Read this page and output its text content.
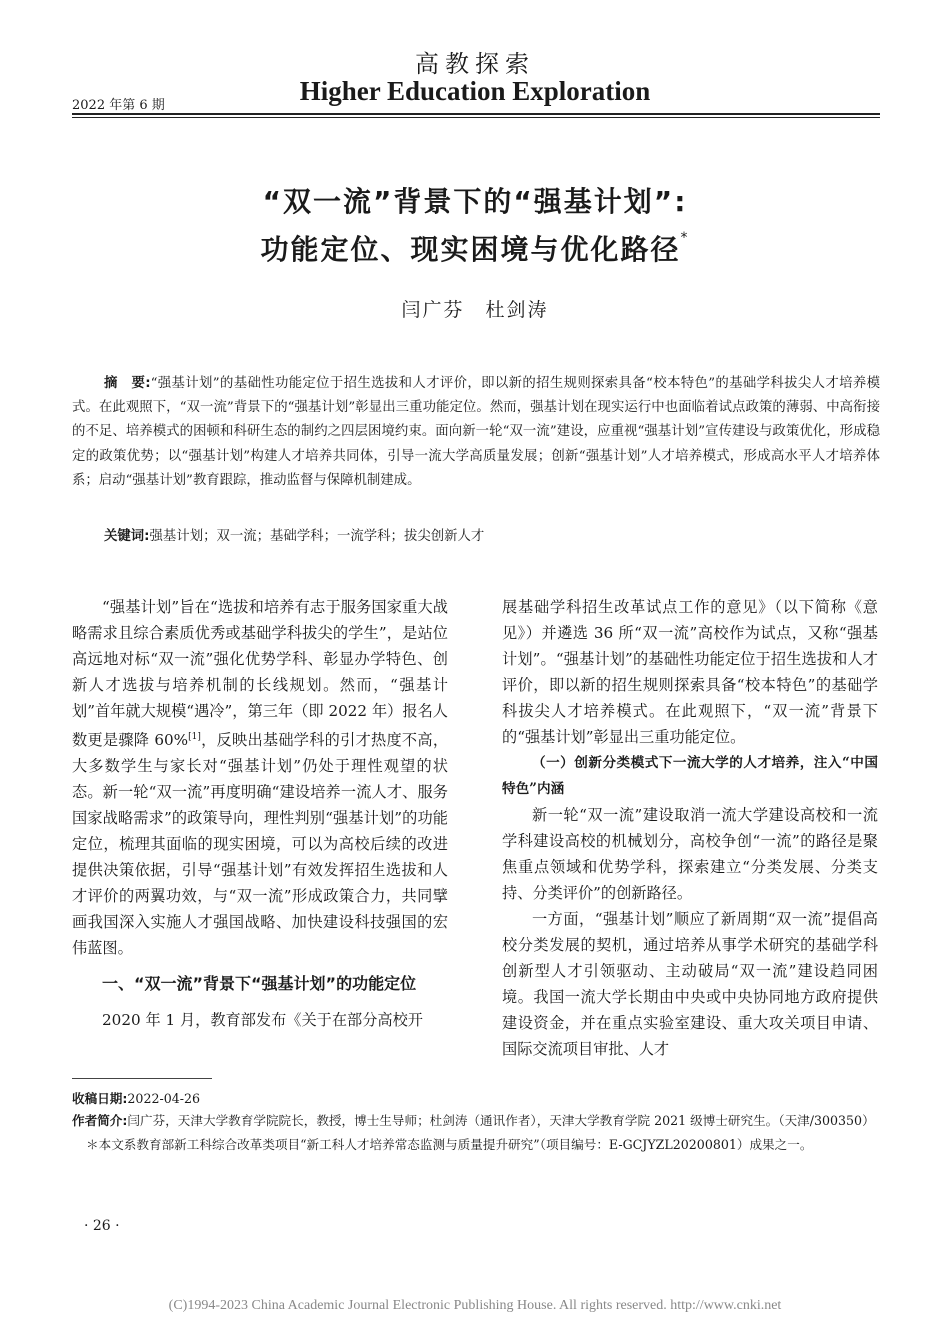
高教探索
Higher Education Exploration
2022 年第 6 期
“双一流”背景下的“强基计划”:
功能定位、现实困境与优化路径*
闫广芬　杜剑涛
摘　要:“强基计划”的基础性功能定位于招生选拔和人才评价，即以新的招生规则探索具备“校本特色”的基础学科拔尖人才培养模式。在此观照下，“双一流”背景下的“强基计划”彰显出三重功能定位。然而，强基计划在现实运行中也面临着试点政策的薄弱、中高衔接的不足、培养模式的困顿和科研生态的制约之四层困境约束。面向新一轮“双一流”建设，应重视“强基计划”宣传建设与政策优化，形成稳定的政策优势；以“强基计划”构建人才培养共同体，引导一流大学高质量发展；创新“强基计划”人才培养模式，形成高水平人才培养体系；启动“强基计划”教育跟踪，推动监督与保障机制建成。
关键词:强基计划；双一流；基础学科；一流学科；拔尖创新人才

“强基计划”旨在“选拔和培养有志于服务国家重大战略需求且综合素质优秀或基础学科拔尖的学生”，是站位高远地对标“双一流”强化优势学科、彰显办学特色、创新人才选拔与培养机制的长线规划。然而，“强基计划”首年就大规模“遇冷”，第三年（即 2022 年）报名人数更是骤降 60%[1]，反映出基础学科的引才热度不高，大多数学生与家长对“强基计划”仍处于理性观望的状态。新一轮“双一流”再度明确“建设培养一流人才、服务国家战略需求”的政策导向，理性判别“强基计划”的功能定位，梳理其面临的现实困境，可以为高校后续的改进提供决策依据，引导“强基计划”有效发挥招生选拔和人才评价的两翼功效，与“双一流”形成政策合力，共同擘画我国深入实施人才强国战略、加快建设科技强国的宏伟蓝图。

一、“双一流”背景下“强基计划”的功能定位

2020 年 1 月，教育部发布《关于在部分高校开

展基础学科招生改革试点工作的意见》（以下简称《意见》）并遴选 36 所“双一流”高校作为试点，又称“强基计划”。“强基计划”的基础性功能定位于招生选拔和人才评价，即以新的招生规则探索具备“校本特色”的基础学科拔尖人才培养模式。在此观照下，“双一流”背景下的“强基计划”彰显出三重功能定位。

（一）创新分类模式下一流大学的人才培养，注入“中国特色”内涵

新一轮“双一流”建设取消一流大学建设高校和一流学科建设高校的机械划分，高校争创“一流”的路径是聚焦重点领域和优势学科，探索建立“分类发展、分类支持、分类评价”的创新路径。

一方面，“强基计划”顺应了新周期“双一流”提倡高校分类发展的契机，通过培养从事学术研究的基础学科创新型人才引领驱动、主动破局“双一流”建设趋同困境。我国一流大学长期由中央或中央协同地方政府提供建设资金，并在重点实验室建设、重大攻关项目申请、国际交流项目审批、人才

收稿日期: 2022-04-26
作者简介: 闫广芬，天津大学教育学院院长，教授，博士生导师；杜剑涛（通讯作者），天津大学教育学院 2021 级博士研究生。（天津/300350）
＊本文系教育部新工科综合改革类项目“新工科人才培养常态监测与质量提升研究”（项目编号：E-GCJYZL20200801）成果之一。
· 26 ·
(C)1994-2023 China Academic Journal Electronic Publishing House. All rights reserved. http://www.cnki.net
